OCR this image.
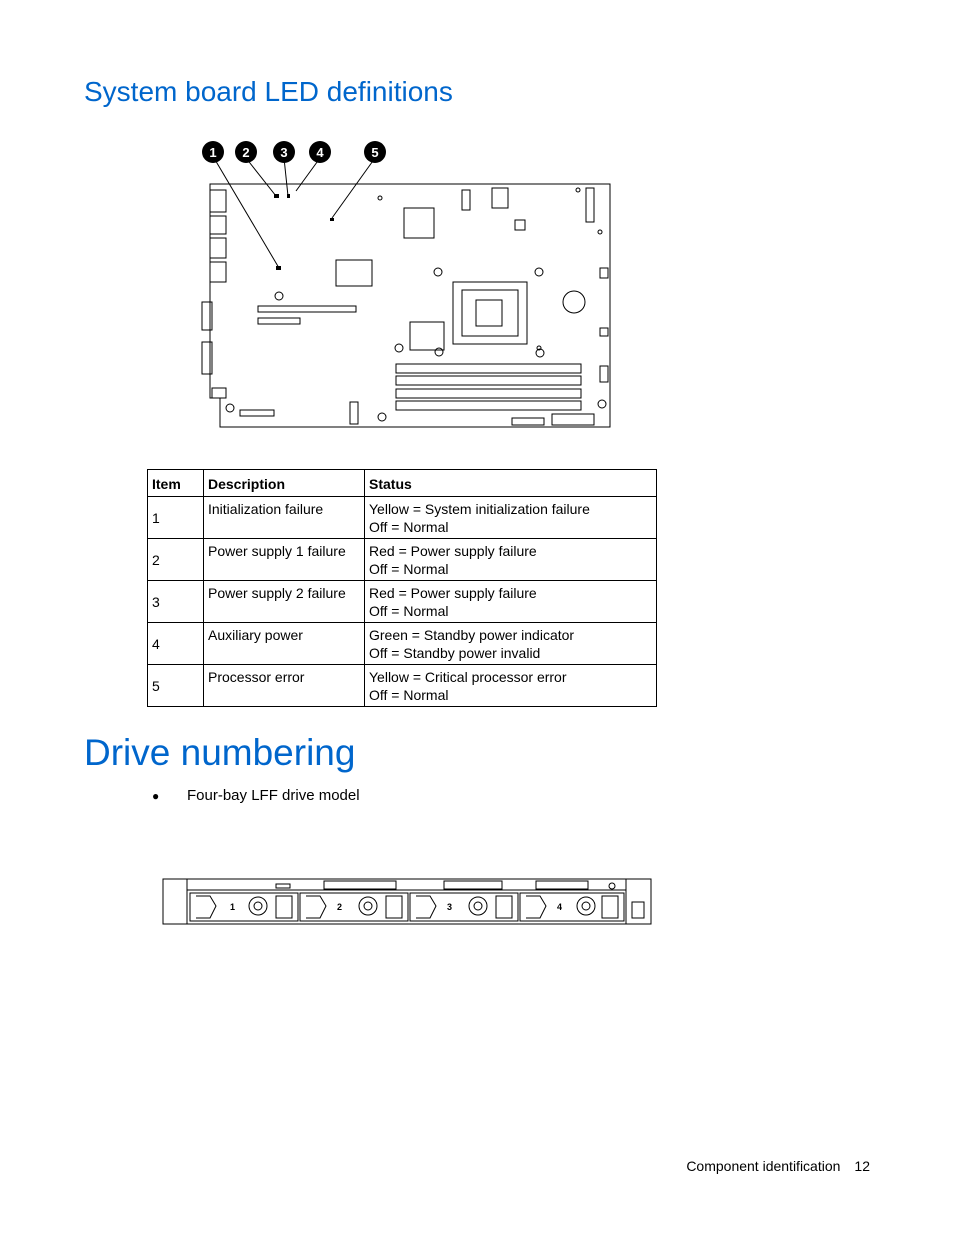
System board LED definitions
1 2 3 4	5
Item	Description	Status
1	Initialization failure	Yellow = System initialization failure
Off = Normal

2	Power supply 1 failure	Red = Power supply failure
Off = Normal

3	Power supply 2 failure	Red = Power supply failure
Off = Normal

4	Auxiliary power	Green = Standby power indicator
Off = Standby power invalid

5	Processor error	Yellow = Critical processor error
Off = Normal
Drive numbering
● Four-bay LFF drive model
1	2	3	4
Component identification 12
